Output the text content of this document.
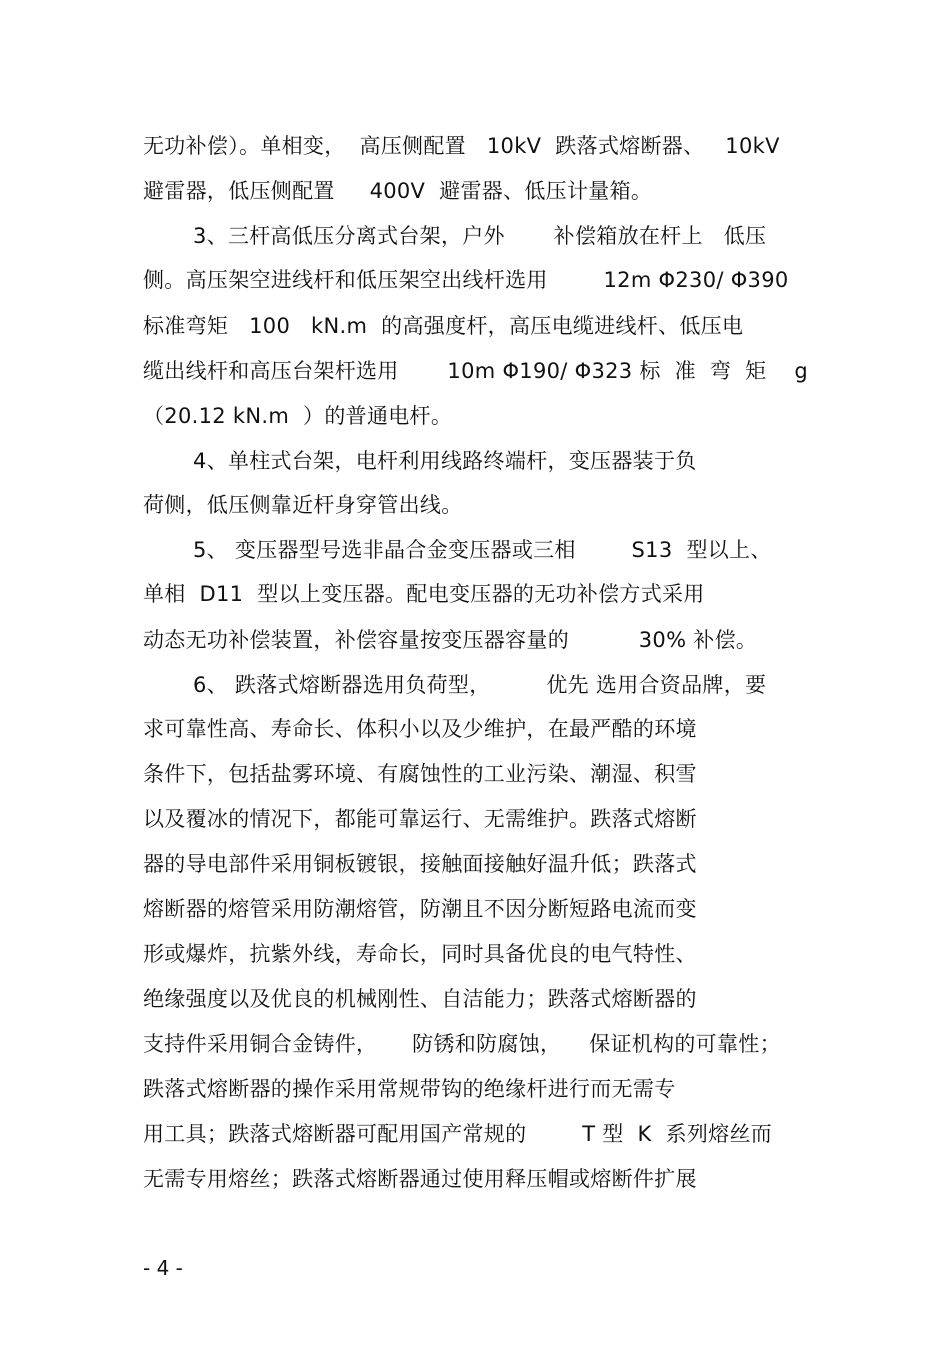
无功补偿）。单相变，  高压侧配置   10kV  跌落式熔断器、   10kV
避雷器，低压侧配置     400V  避雷器、低压计量箱。
3、三杆高低压分离式台架，户外       补偿箱放在杆上   低压
侧。高压架空进线杆和低压架空出线杆选用        12m Φ230/ Φ390
标准弯矩   100   kN.m  的高强度杆，高压电缆进线杆、低压电
缆出线杆和高压台架杆选用       10m Φ190/ Φ323 标  准  弯  矩    g
（20.12 kN.m  ）的普通电杆。
4、单柱式台架，电杆利用线路终端杆，变压器装于负
荷侧，低压侧靠近杆身穿管出线。
5、 变压器型号选非晶合金变压器或三相        S13  型以上、
单相  D11  型以上变压器。配电变压器的无功补偿方式采用
动态无功补偿装置，补偿容量按变压器容量的          30% 补偿。
6、 跌落式熔断器选用负荷型，        优先 选用合资品牌，要
求可靠性高、寿命长、体积小以及少维护，在最严酷的环境
条件下，包括盐雾环境、有腐蚀性的工业污染、潮湿、积雪
以及覆冰的情况下，都能可靠运行、无需维护。跌落式熔断
器的导电部件采用铜板镀银，接触面接触好温升低；跌落式
熔断器的熔管采用防潮熔管，防潮且不因分断短路电流而变
形或爆炸，抗紫外线，寿命长，同时具备优良的电气特性、
绝缘强度以及优良的机械刚性、自洁能力；跌落式熔断器的
支持件采用铜合金铸件，     防锈和防腐蚀，    保证机构的可靠性；
跌落式熔断器的操作采用常规带钩的绝缘杆进行而无需专
用工具；跌落式熔断器可配用国产常规的        T 型  K  系列熔丝而
无需专用熔丝；跌落式熔断器通过使用释压帽或熔断件扩展
- 4 -
